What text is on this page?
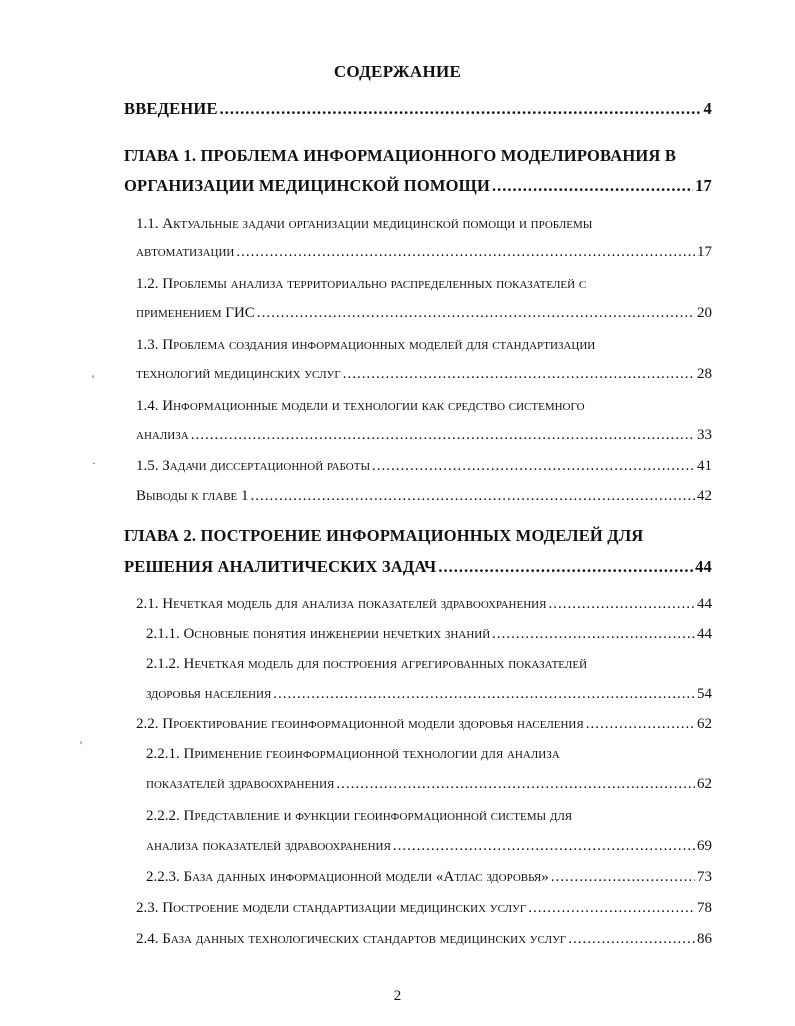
СОДЕРЖАНИЕ
ВВЕДЕНИЕ .....	4
ГЛАВА 1. ПРОБЛЕМА ИНФОРМАЦИОННОГО МОДЕЛИРОВАНИЯ В
ОРГАНИЗАЦИИ МЕДИЦИНСКОЙ ПОМОЩИ .....	17
1.1. Актуальные задачи организации медицинской помощи и проблемы
автоматизации .....	17
1.2. Проблемы анализа территориально распределенных показателей с
применением ГИС .....	20
1.3. Проблема создания информационных моделей для стандартизации
технологий медицинских услуг .....	28
1.4. Информационные модели и технологии как средство системного
анализа .....	33
1.5. Задачи диссертационной работы .....	41
Выводы к главе 1 .....	42
ГЛАВА 2. ПОСТРОЕНИЕ ИНФОРМАЦИОННЫХ МОДЕЛЕЙ ДЛЯ
РЕШЕНИЯ АНАЛИТИЧЕСКИХ ЗАДАЧ .....	44
2.1. Нечеткая модель для анализа показателей здравоохранения .....	44
2.1.1. Основные понятия инженерии нечетких знаний .....	44
2.1.2. Нечеткая модель для построения агрегированных показателей
здоровья населения .....	54
2.2. Проектирование геоинформационной модели здоровья населения .....	62
2.2.1. Применение геоинформационной технологии для анализа
показателей здравоохранения .....	62
2.2.2. Представление и функции геоинформационной системы для
анализа показателей здравоохранения .....	69
2.2.3. База данных информационной модели «Атлас здоровья» .....	73
2.3. Построение модели стандартизации медицинских услуг .....	78
2.4. База данных технологических стандартов медицинских услуг .....	86
'
·
'
2
